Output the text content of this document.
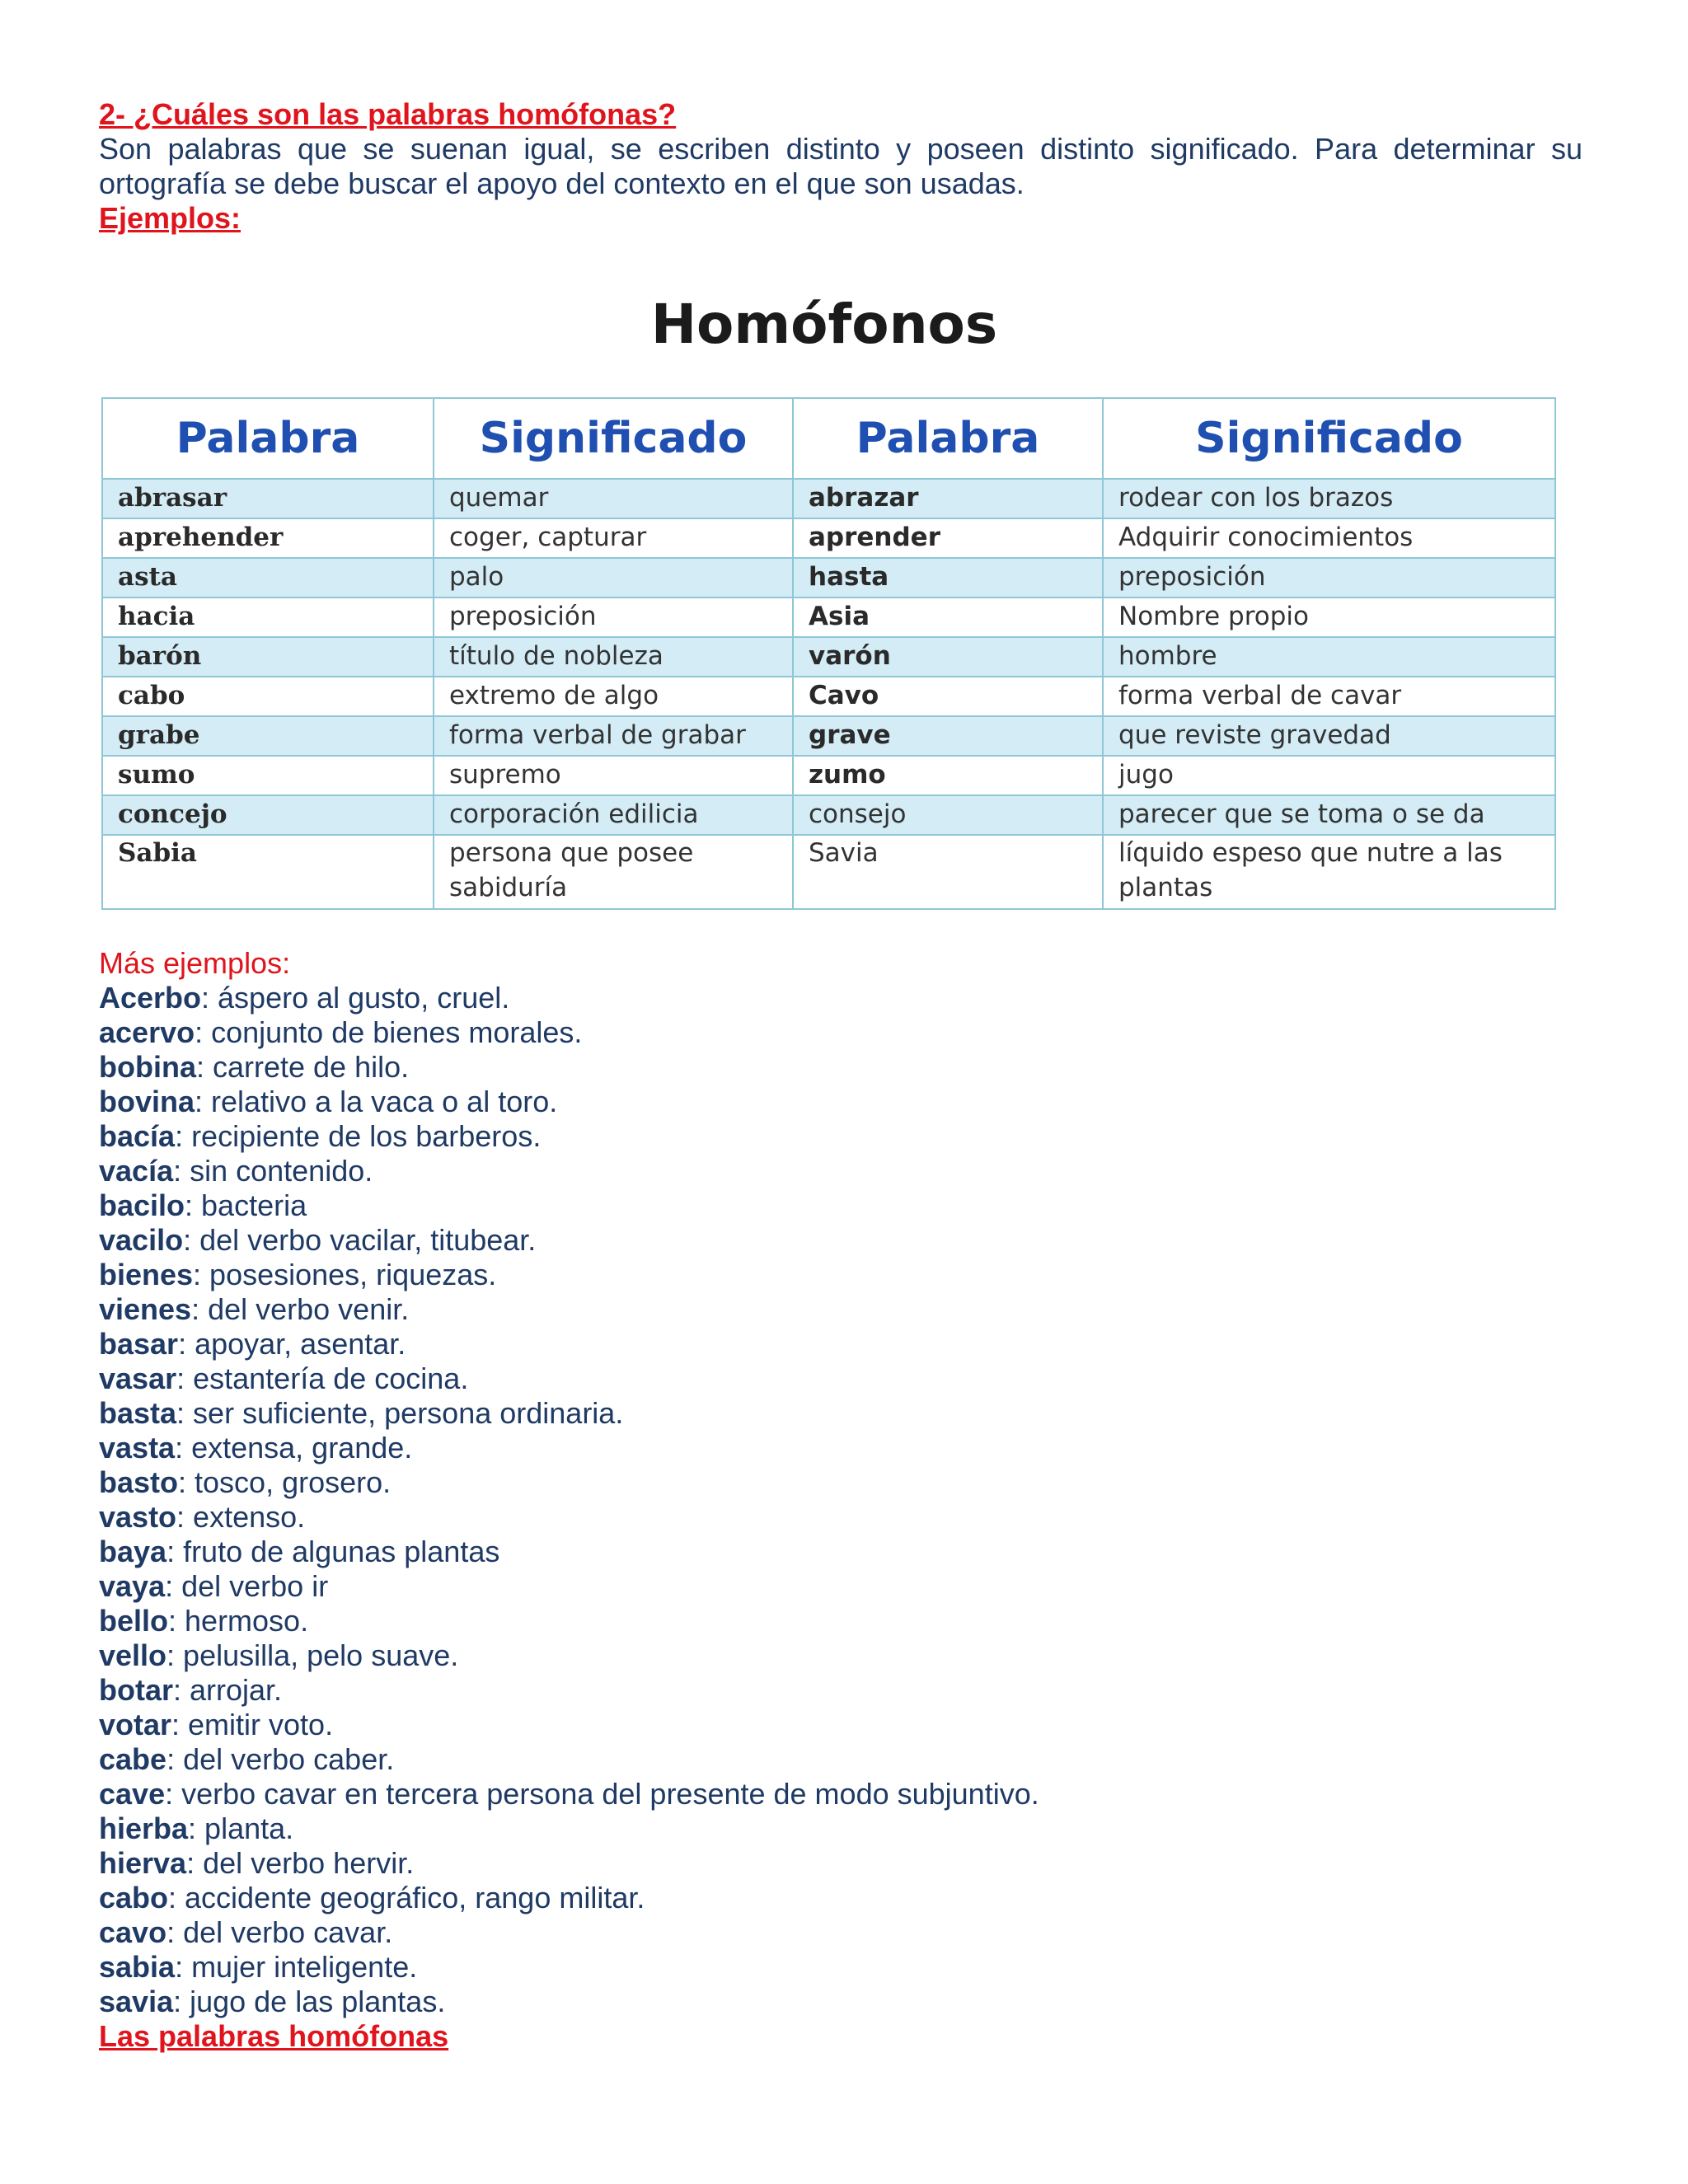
2- ¿Cuáles son las palabras homófonas?

Son palabras que se suenan igual, se escriben distinto y poseen distinto significado. Para determinar su ortografía se debe buscar el apoyo del contexto en el que son usadas.

Ejemplos:

Homófonos
Palabra	Significado	Palabra	Significado
abrasar	quemar	abrazar	rodear con los brazos
aprehender	coger, capturar	aprender	Adquirir conocimientos
asta	palo	hasta	preposición
hacia	preposición	Asia	Nombre propio
barón	título de nobleza	varón	hombre
cabo	extremo de algo	Cavo	forma verbal de cavar
grabe	forma verbal de grabar	grave	que reviste gravedad
sumo	supremo	zumo	jugo
concejo	corporación edilicia	consejo	parecer que se toma o se da
Sabia	persona que posee sabiduría	Savia	líquido espeso que nutre a las plantas
Más ejemplos:
Acerbo: áspero al gusto, cruel.
acervo: conjunto de bienes morales.
bobina: carrete de hilo.
bovina: relativo a la vaca o al toro.
bacía: recipiente de los barberos.
vacía: sin contenido.
bacilo: bacteria
vacilo: del verbo vacilar, titubear.
bienes: posesiones, riquezas.
vienes: del verbo venir.
basar: apoyar, asentar.
vasar: estantería de cocina.
basta: ser suficiente, persona ordinaria.
vasta: extensa, grande.
basto: tosco, grosero.
vasto: extenso.
baya: fruto de algunas plantas
vaya: del verbo ir
bello: hermoso.
vello: pelusilla, pelo suave.
botar: arrojar.
votar: emitir voto.
cabe: del verbo caber.
cave: verbo cavar en tercera persona del presente de modo subjuntivo.
hierba: planta.
hierva: del verbo hervir.
cabo: accidente geográfico, rango militar.
cavo: del verbo cavar.
sabia: mujer inteligente.
savia: jugo de las plantas.

Las palabras homófonas
